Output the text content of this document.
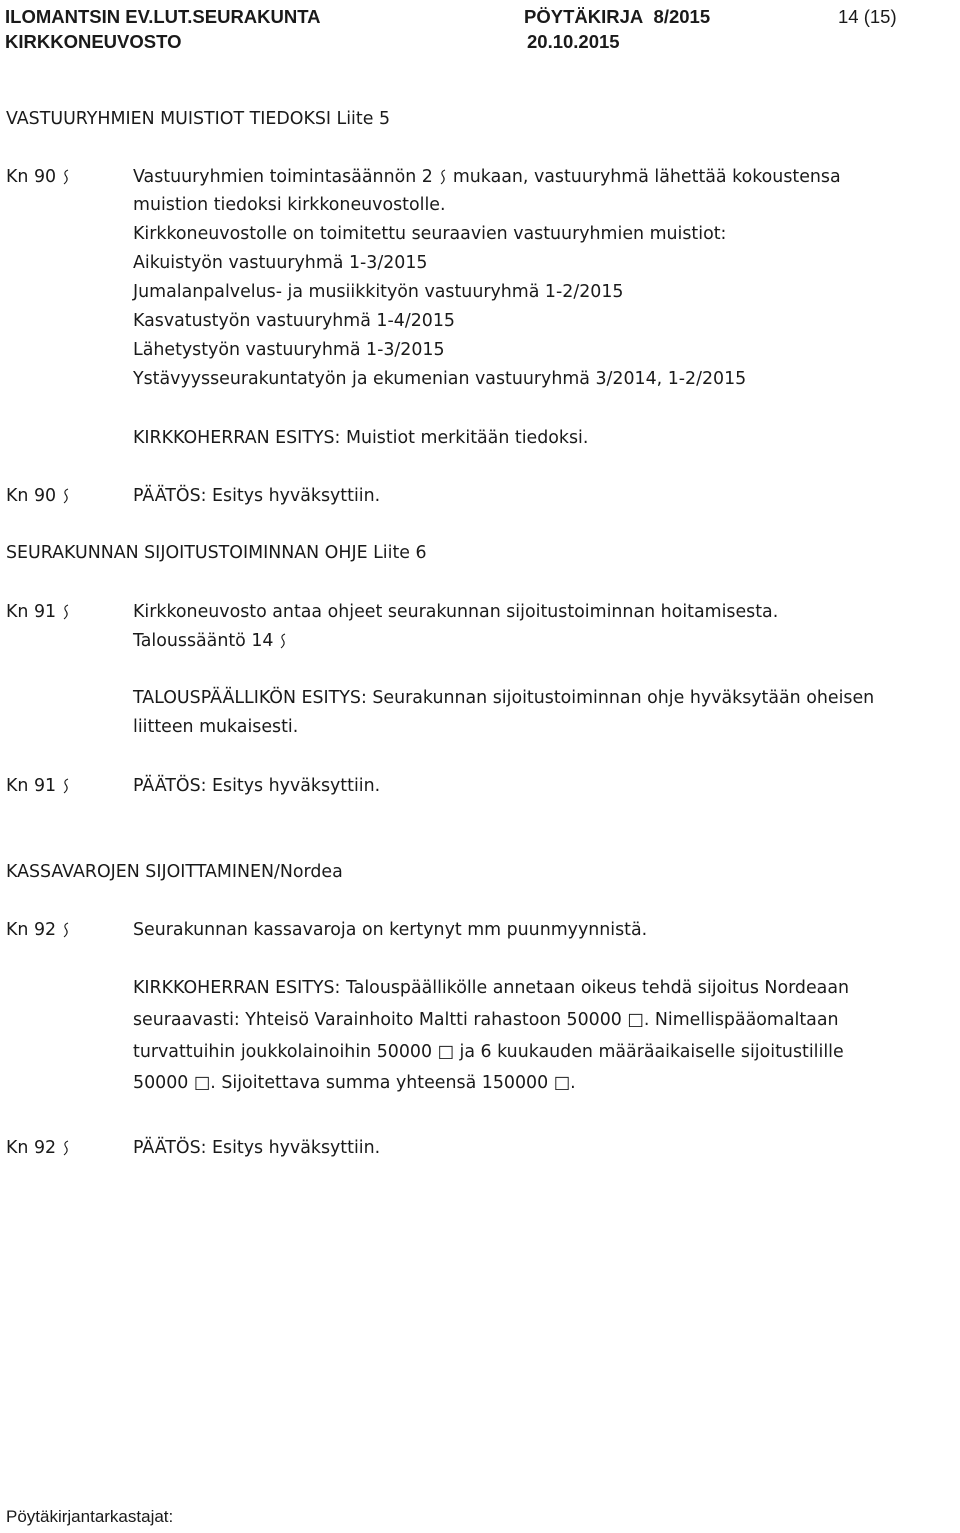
ILOMANTSIN EV.LUT.SEURAKUNTA
KIRKKONEUVOSTO
PÖYTÄKIRJA 8/2015
20.10.2015
14 (15)
VASTUURYHMIEN MUISTIOT TIEDOKSI Liite 5
Kn 90	Vastuuryhmien toimintasäännön 2 mukaan, vastuuryhmä lähettää kokoustensa
muistion tiedoksi kirkkoneuvostolle.
Kirkkoneuvostolle on toimitettu seuraavien vastuuryhmien muistiot:
Aikuistyön vastuuryhmä 1-3/2015
Jumalanpalvelus- ja musiikkityön vastuuryhmä 1-2/2015
Kasvatustyön vastuuryhmä 1-4/2015
Lähetystyön vastuuryhmä 1-3/2015
Ystävyysseurakuntatyön ja ekumenian vastuuryhmä 3/2014, 1-2/2015
KIRKKOHERRAN ESITYS: Muistiot merkitään tiedoksi.
Kn 90	PÄÄTÖS: Esitys hyväksyttiin.
SEURAKUNNAN SIJOITUSTOIMINNAN OHJE Liite 6
Kn 91	Kirkkoneuvosto antaa ohjeet seurakunnan sijoitustoiminnan hoitamisesta.
Taloussääntö 14
TALOUSPÄÄLLIKÖN ESITYS: Seurakunnan sijoitustoiminnan ohje hyväksytään oheisen
liitteen mukaisesti.
Kn 91	PÄÄTÖS: Esitys hyväksyttiin.
KASSAVAROJEN SIJOITTAMINEN/Nordea
Kn 92	Seurakunnan kassavaroja on kertynyt mm puunmyynnistä.
KIRKKOHERRAN ESITYS: Talouspäällikölle annetaan oikeus tehdä sijoitus Nordeaan
seuraavasti: Yhteisö Varainhoito Maltti rahastoon 50000 □. Nimellispääomaltaan
turvattuihin joukkolainoihin 50000 □ ja 6 kuukauden määräaikaiselle sijoitustilille
50000 □. Sijoitettava summa yhteensä 150000 □.
Kn 92	PÄÄTÖS: Esitys hyväksyttiin.
Pöytäkirjantarkastajat:
